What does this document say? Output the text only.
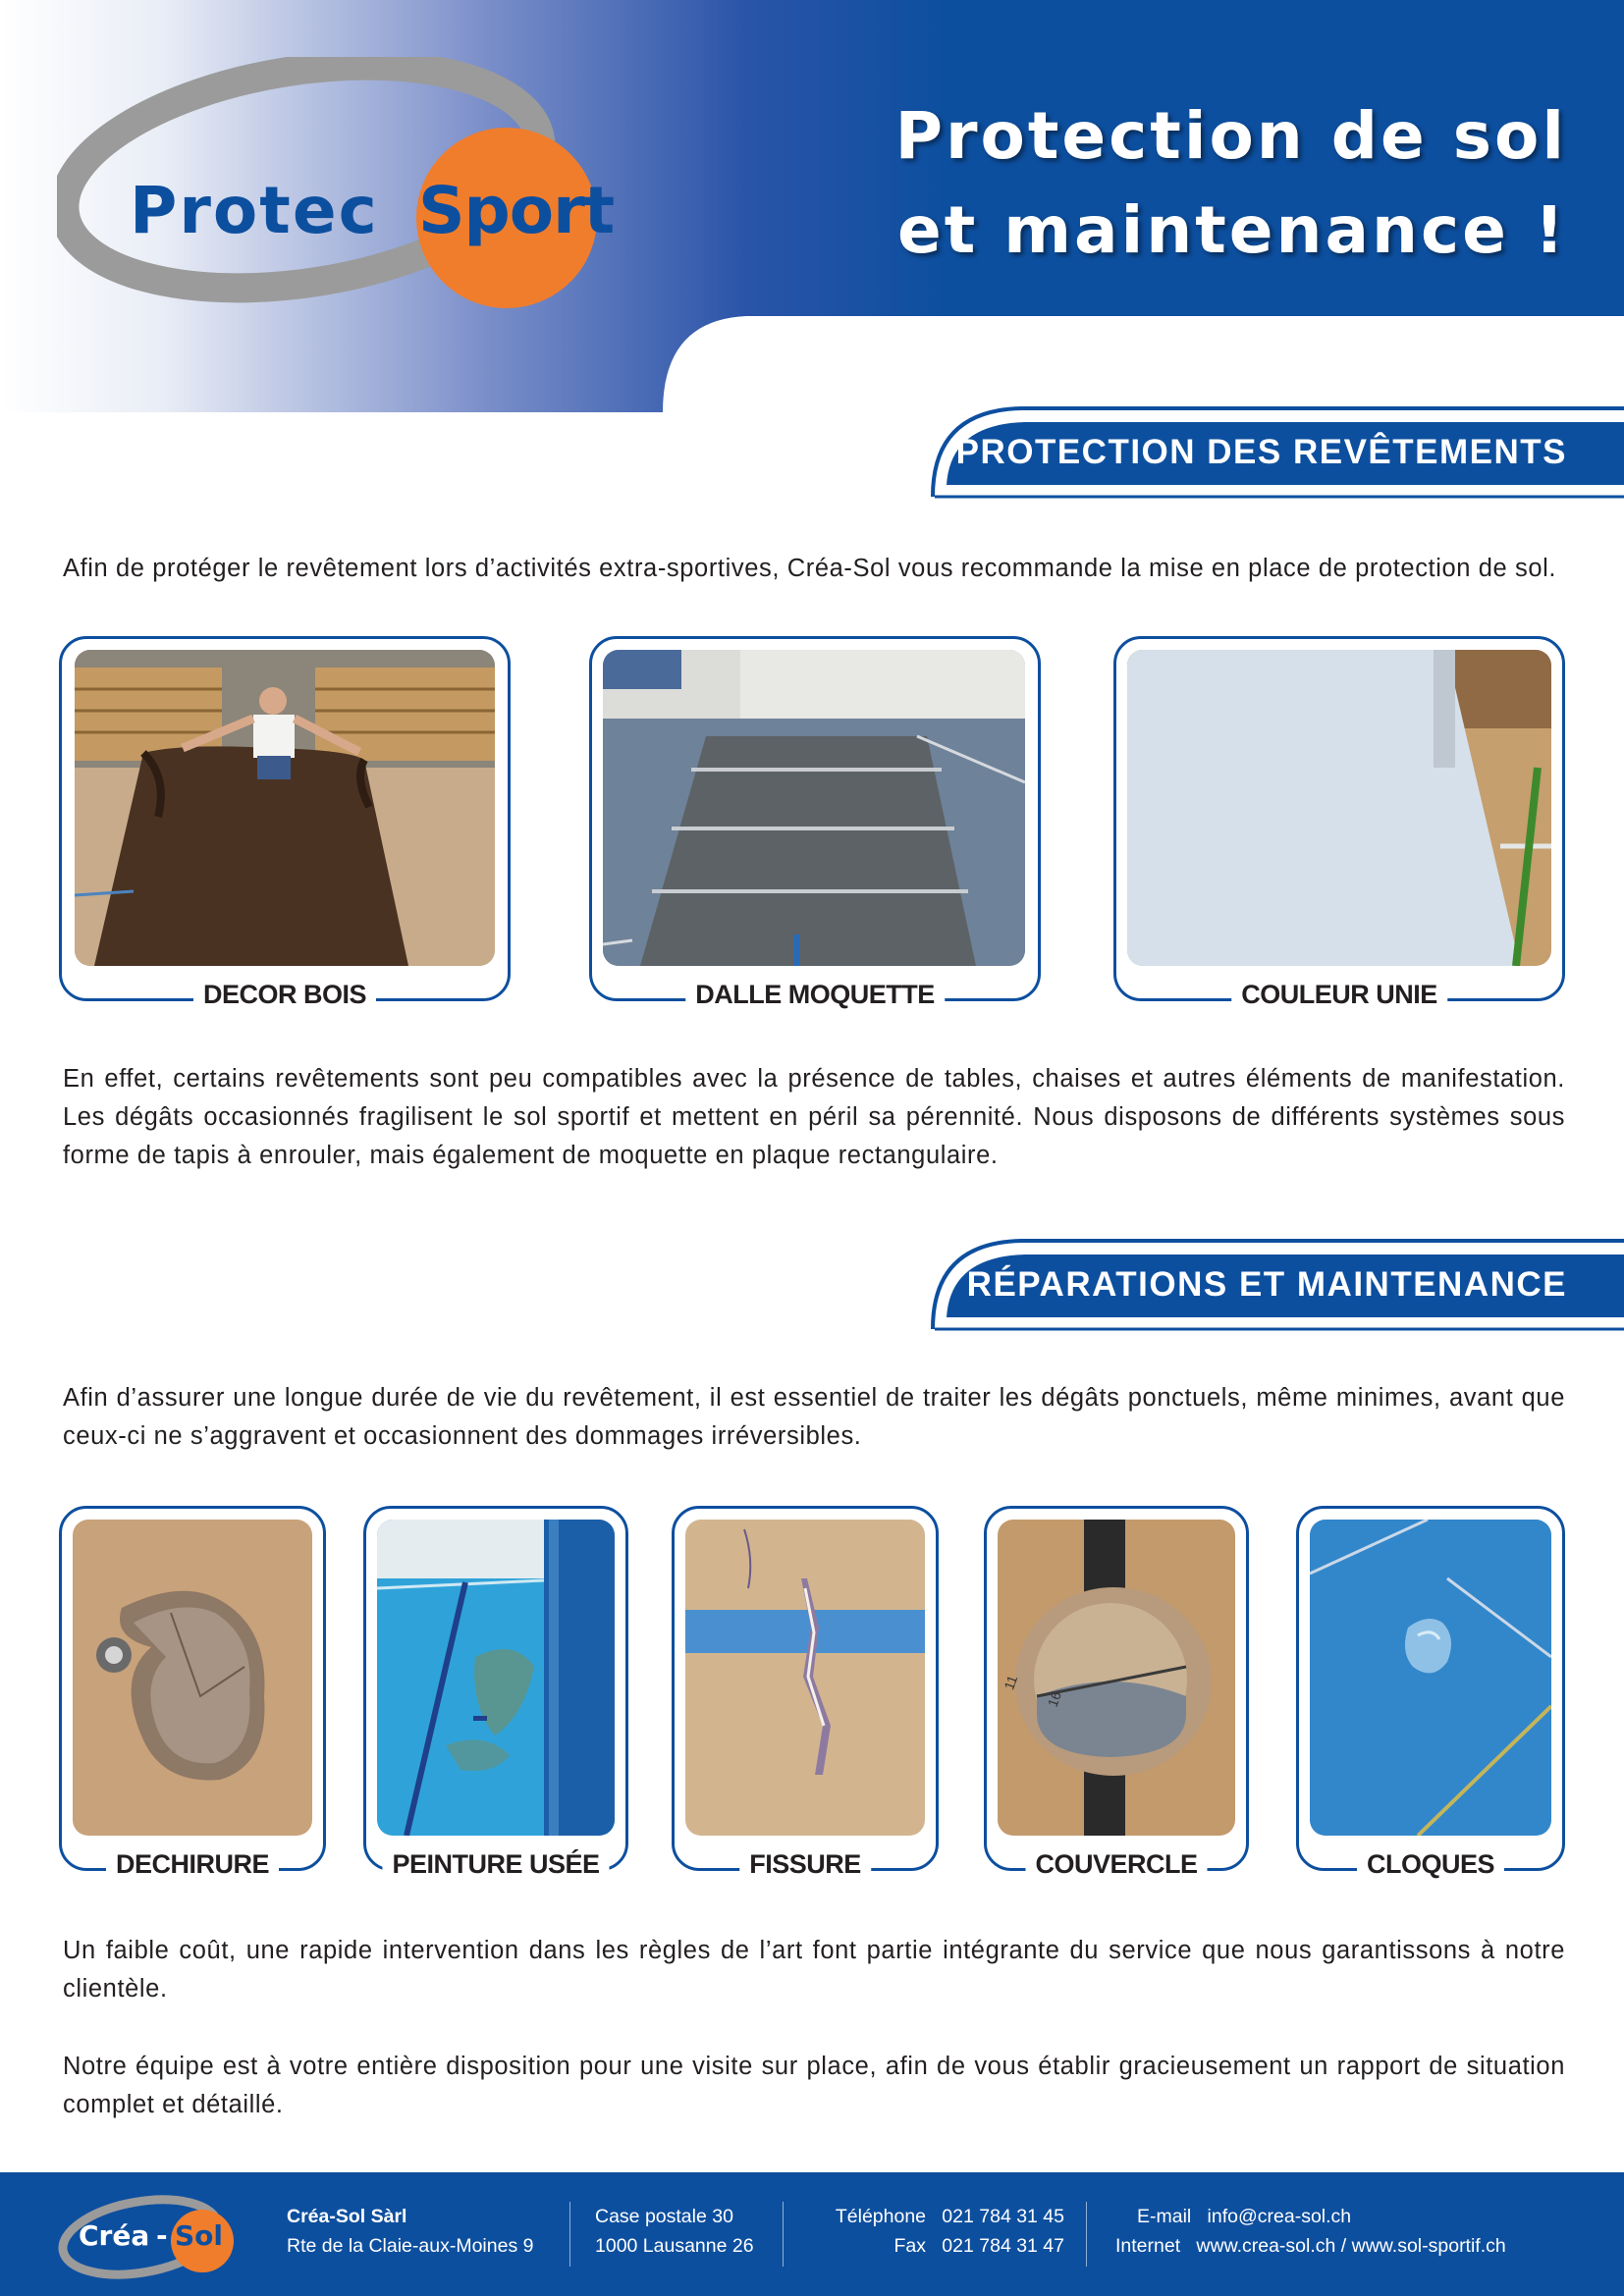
Protec Sport
Protection de sol
et maintenance !
PROTECTION DES REVÊTEMENTS
Afin de protéger le revêtement lors d’activités extra-sportives, Créa-Sol vous recommande la mise en place de protection de sol.
DECOR BOIS	DALLE MOQUETTE	COULEUR UNIE
En effet, certains revêtements sont peu compatibles avec la présence de tables, chaises et autres éléments de manifestation. Les dégâts occasionnés fragilisent le sol sportif et mettent en péril sa pérennité. Nous disposons de différents systèmes sous forme de tapis à enrouler, mais également de moquette en plaque rectangulaire.
RÉPARATIONS ET MAINTENANCE
Afin d’assurer une longue durée de vie du revêtement, il est essentiel de traiter les dégâts ponctuels, même minimes, avant que ceux-ci ne s’aggravent et occasionnent des dommages irréversibles.
DECHIRURE	PEINTURE USÉE	FISSURE
11
16
COUVERCLE	CLOQUES
Un faible coût, une rapide intervention dans les règles de l’art font partie intégrante du service que nous garantissons à notre clientèle.
Notre équipe est à votre entière disposition pour une visite sur place, afin de vous établir gracieusement un rapport de situation complet et détaillé.
Créa - Sol
Créa-Sol Sàrl
Rte de la Claie-aux-Moines 9
Case postale 30
1000 Lausanne 26
Téléphone 021 784 31 45
Fax 021 784 31 47
E-mail info@crea-sol.ch
Internet www.crea-sol.ch / www.sol-sportif.ch
